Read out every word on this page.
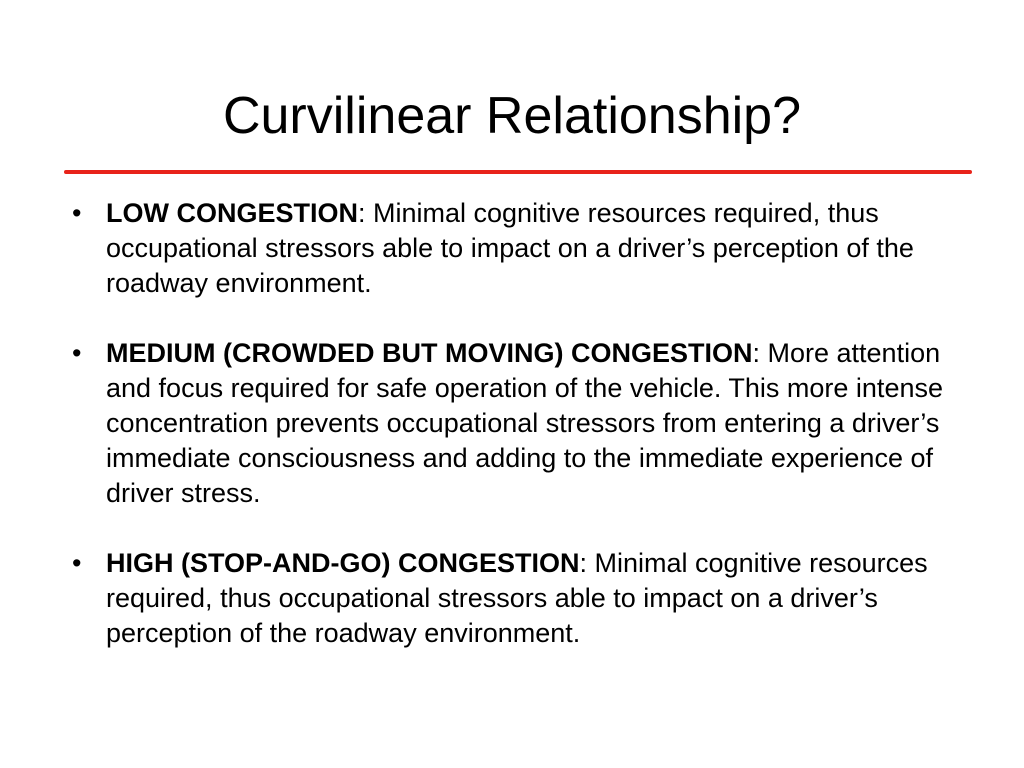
Curvilinear Relationship?
• LOW CONGESTION: Minimal cognitive resources required, thus occupational stressors able to impact on a driver’s perception of the roadway environment.
• MEDIUM (CROWDED BUT MOVING) CONGESTION: More attention and focus required for safe operation of the vehicle. This more intense concentration prevents occupational stressors from entering a driver’s immediate consciousness and adding to the immediate experience of driver stress.
• HIGH (STOP-AND-GO) CONGESTION: Minimal cognitive resources required, thus occupational stressors able to impact on a driver’s perception of the roadway environment.
